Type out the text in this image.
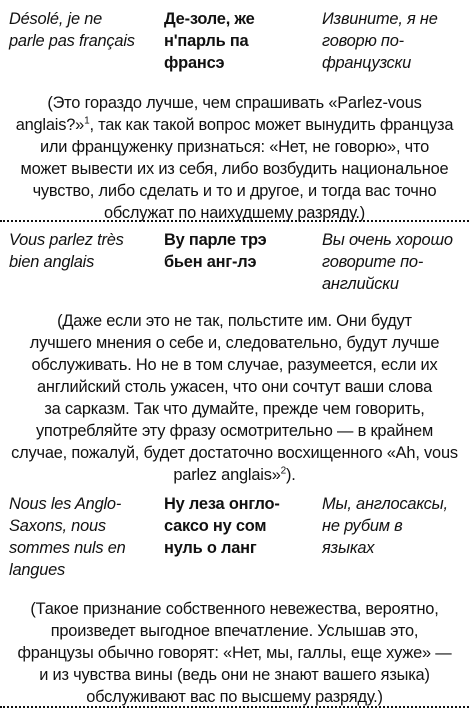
Désolé, je ne
parle pas français
Де-золе, же
н'парль па
франсэ
Извините, я не
говорю по-
французски
(Это гораздо лучше, чем спрашивать «Parlez-vous
anglais?»$^1$, так как такой вопрос может вынудить француза
или француженку признаться: «Нет, не говорю», что
может вывести их из себя, либо возбудить национальное
чувство, либо сделать и то и другое, и тогда вас точно
обслужат по наихудшему разряду.)
Vous parlez très
bien anglais
Ву парле трэ
бьен анг-лэ
Вы очень хорошо
говорите по-
английски
(Даже если это не так, польстите им. Они будут
лучшего мнения о себе и, следовательно, будут лучше
обслуживать. Но не в том случае, разумеется, если их
английский столь ужасен, что они сочтут ваши слова
за сарказм. Так что думайте, прежде чем говорить,
употребляйте эту фразу осмотрительно — в крайнем
случае, пожалуй, будет достаточно восхищенного «Ah, vous
parlez anglais»$^2$).
Nous les Anglo-
Saxons, nous
sommes nuls en
langues
Ну леза онгло-
саксо ну сом
нуль о ланг
Мы, англосаксы,
не рубим в
языках
(Такое признание собственного невежества, вероятно,
произведет выгодное впечатление. Услышав это,
французы обычно говорят: «Нет, мы, галлы, еще хуже» —
и из чувства вины (ведь они не знают вашего языка)
обслуживают вас по высшему разряду.)
